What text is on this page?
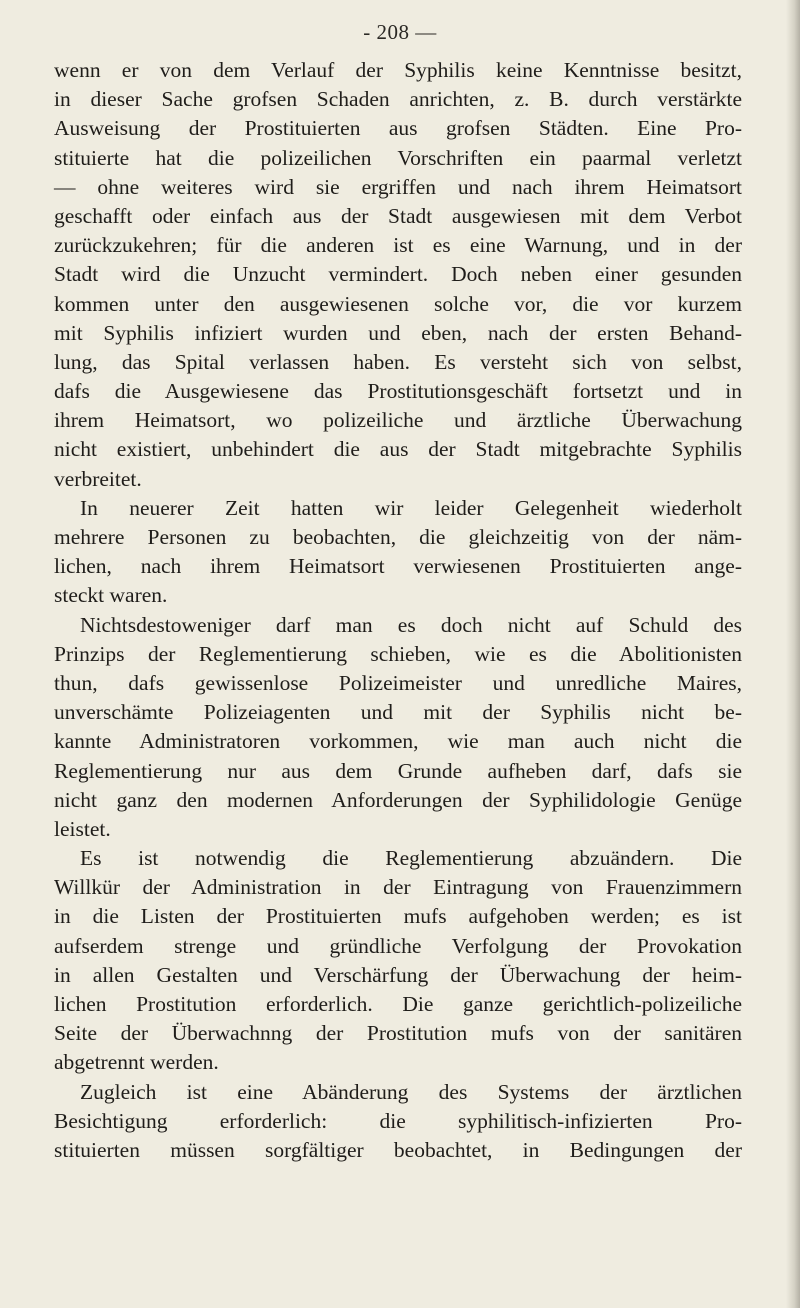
- 208 —
wenn er von dem Verlauf der Syphilis keine Kenntnisse besitzt,
in dieser Sache grofsen Schaden anrichten, z. B. durch verstärkte
Ausweisung der Prostituierten aus grofsen Städten. Eine Pro-
stituierte hat die polizeilichen Vorschriften ein paarmal verletzt
— ohne weiteres wird sie ergriffen und nach ihrem Heimatsort
geschafft oder einfach aus der Stadt ausgewiesen mit dem Verbot
zurückzukehren; für die anderen ist es eine Warnung, und in der
Stadt wird die Unzucht vermindert. Doch neben einer gesunden
kommen unter den ausgewiesenen solche vor, die vor kurzem
mit Syphilis infiziert wurden und eben, nach der ersten Behand-
lung, das Spital verlassen haben. Es versteht sich von selbst,
dafs die Ausgewiesene das Prostitutionsgeschäft fortsetzt und in
ihrem Heimatsort, wo polizeiliche und ärztliche Überwachung
nicht existiert, unbehindert die aus der Stadt mitgebrachte Syphilis
verbreitet.
In neuerer Zeit hatten wir leider Gelegenheit wiederholt
mehrere Personen zu beobachten, die gleichzeitig von der näm-
lichen, nach ihrem Heimatsort verwiesenen Prostituierten ange-
steckt waren.
Nichtsdestoweniger darf man es doch nicht auf Schuld des
Prinzips der Reglementierung schieben, wie es die Abolitionisten
thun, dafs gewissenlose Polizeimeister und unredliche Maires,
unverschämte Polizeiagenten und mit der Syphilis nicht be-
kannte Administratoren vorkommen, wie man auch nicht die
Reglementierung nur aus dem Grunde aufheben darf, dafs sie
nicht ganz den modernen Anforderungen der Syphilidologie Genüge
leistet.
Es ist notwendig die Reglementierung abzuändern. Die
Willkür der Administration in der Eintragung von Frauenzimmern
in die Listen der Prostituierten mufs aufgehoben werden; es ist
aufserdem strenge und gründliche Verfolgung der Provokation
in allen Gestalten und Verschärfung der Überwachung der heim-
lichen Prostitution erforderlich. Die ganze gerichtlich-polizeiliche
Seite der Überwachnng der Prostitution mufs von der sanitären
abgetrennt werden.
Zugleich ist eine Abänderung des Systems der ärztlichen
Besichtigung erforderlich: die syphilitisch-infizierten Pro-
stituierten müssen sorgfältiger beobachtet, in Bedingungen der
